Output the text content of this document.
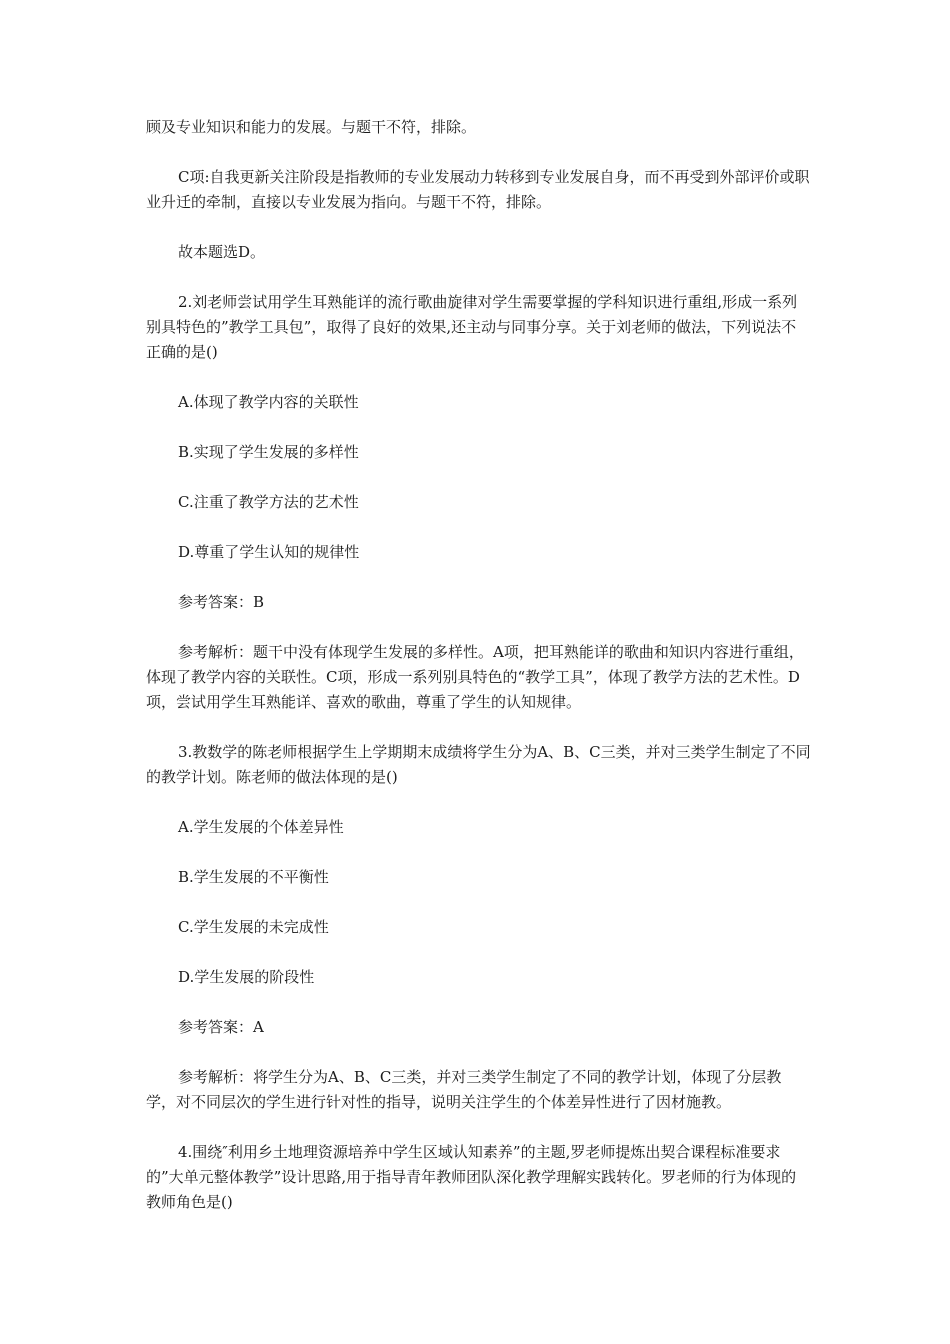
顾及专业知识和能力的发展。与题干不符，排除。

C项:自我更新关注阶段是指教师的专业发展动力转移到专业发展自身，而不再受到外部评价或职业升迁的牵制，直接以专业发展为指向。与题干不符，排除。

故本题选D。

2.刘老师尝试用学生耳熟能详的流行歌曲旋律对学生需要掌握的学科知识进行重组,形成一系列别具特色的”教学工具包”，取得了良好的效果,还主动与同事分享。关于刘老师的做法，下列说法不正确的是()

A.体现了教学内容的关联性

B.实现了学生发展的多样性

C.注重了教学方法的艺术性

D.尊重了学生认知的规律性

参考答案：B

参考解析：题干中没有体现学生发展的多样性。A项，把耳熟能详的歌曲和知识内容进行重组，体现了教学内容的关联性。C项，形成一系列别具特色的“教学工具”，体现了教学方法的艺术性。D项，尝试用学生耳熟能详、喜欢的歌曲，尊重了学生的认知规律。

3.教数学的陈老师根据学生上学期期末成绩将学生分为A、B、C三类，并对三类学生制定了不同的教学计划。陈老师的做法体现的是()

A.学生发展的个体差异性

B.学生发展的不平衡性

C.学生发展的未完成性

D.学生发展的阶段性

参考答案：A

参考解析：将学生分为A、B、C三类，并对三类学生制定了不同的教学计划，体现了分层教学，对不同层次的学生进行针对性的指导，说明关注学生的个体差异性进行了因材施教。

4.围绕″利用乡土地理资源培养中学生区域认知素养”的主题,罗老师提炼出契合课程标准要求的”大单元整体教学”设计思路,用于指导青年教师团队深化教学理解实践转化。罗老师的行为体现的教师角色是()
